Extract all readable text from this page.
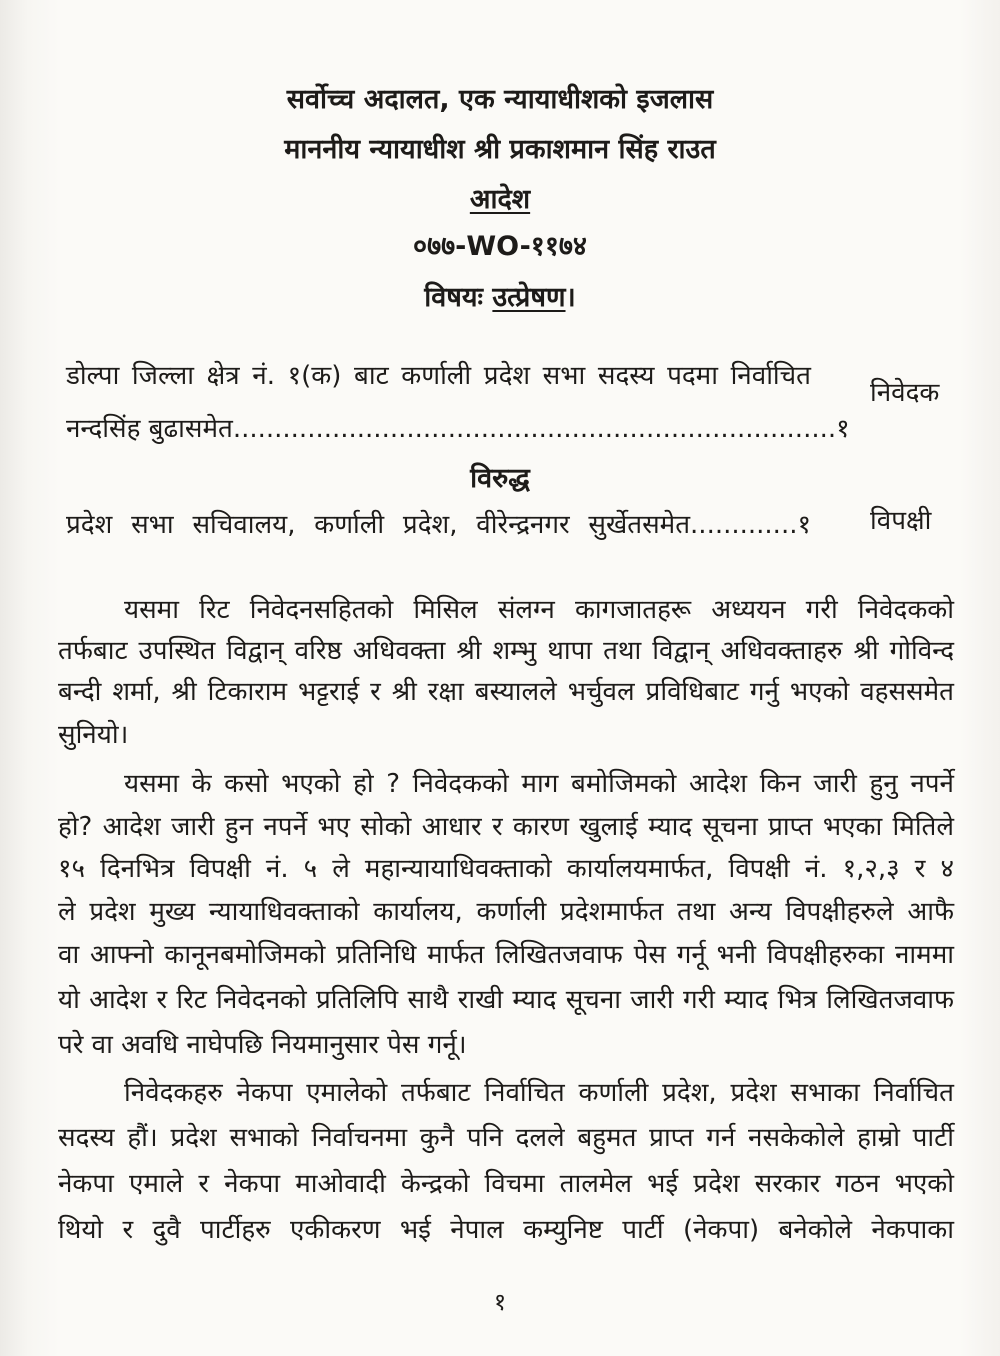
सर्वोच्च अदालत, एक न्यायाधीशको इजलास
माननीय न्यायाधीश श्री प्रकाशमान सिंह राउत
आदेश
०७७-WO-११७४
विषयः उत्प्रेषण।
डोल्पा जिल्ला क्षेत्र नं. १(क) बाट कर्णाली प्रदेश सभा सदस्य पदमा निर्वाचित
नन्दसिंह बुढासमेत.........................................................................१
निवेदक
विरुद्ध
प्रदेश सभा सचिवालय, कर्णाली प्रदेश, वीरेन्द्रनगर सुर्खेतसमेत.............१ विपक्षी
यसमा रिट निवेदनसहितको मिसिल संलग्न कागजातहरू अध्ययन गरी निवेदकको
तर्फबाट उपस्थित विद्वान् वरिष्ठ अधिवक्ता श्री शम्भु थापा तथा विद्वान् अधिवक्ताहरु श्री गोविन्द
बन्दी शर्मा, श्री टिकाराम भट्टराई र श्री रक्षा बस्यालले भर्चुवल प्रविधिबाट गर्नु भएको वहससमेत
सुनियो।
यसमा के कसो भएको हो ? निवेदकको माग बमोजिमको आदेश किन जारी हुनु नपर्ने
हो? आदेश जारी हुन नपर्ने भए सोको आधार र कारण खुलाई म्याद सूचना प्राप्त भएका मितिले
१५ दिनभित्र विपक्षी नं. ५ ले महान्यायाधिवक्ताको कार्यालयमार्फत, विपक्षी नं. १,२,३ र ४
ले प्रदेश मुख्य न्यायाधिवक्ताको कार्यालय, कर्णाली प्रदेशमार्फत तथा अन्य विपक्षीहरुले आफै
वा आफ्नो कानूनबमोजिमको प्रतिनिधि मार्फत लिखितजवाफ पेस गर्नू भनी विपक्षीहरुका नाममा
यो आदेश र रिट निवेदनको प्रतिलिपि साथै राखी म्याद सूचना जारी गरी म्याद भित्र लिखितजवाफ
परे वा अवधि नाघेपछि नियमानुसार पेस गर्नू।
निवेदकहरु नेकपा एमालेको तर्फबाट निर्वाचित कर्णाली प्रदेश, प्रदेश सभाका निर्वाचित
सदस्य हौं। प्रदेश सभाको निर्वाचनमा कुनै पनि दलले बहुमत प्राप्त गर्न नसकेकोले हाम्रो पार्टी
नेकपा एमाले र नेकपा माओवादी केन्द्रको विचमा तालमेल भई प्रदेश सरकार गठन भएको
थियो र दुवै पार्टीहरु एकीकरण भई नेपाल कम्युनिष्ट पार्टी (नेकपा) बनेकोले नेकपाका
१
